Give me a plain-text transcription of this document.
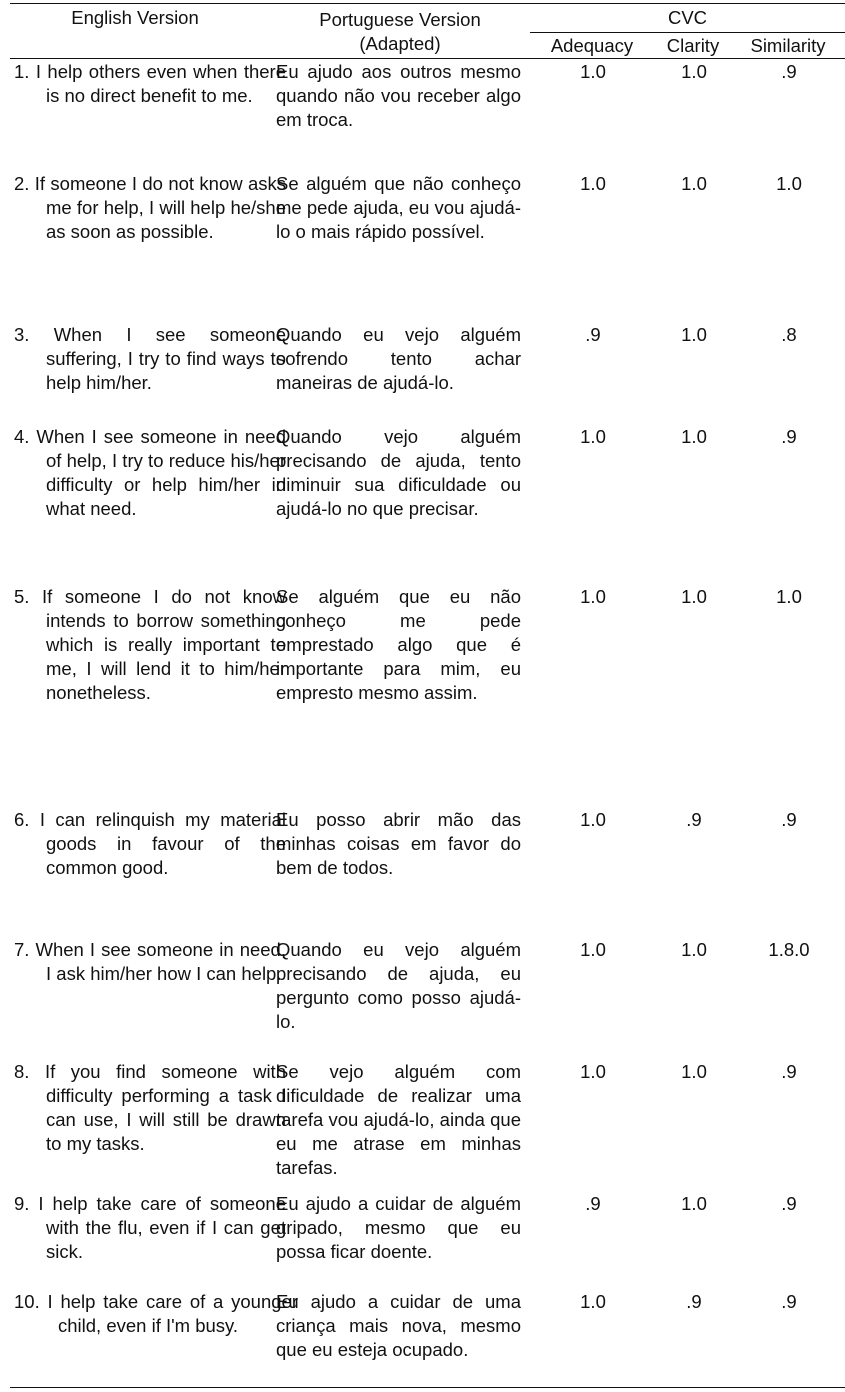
English Version	Portuguese Version
(Adapted)
CVC
Adequacy	Clarity	Similarity
1. I help others even when there is no direct benefit to me.
Eu ajudo aos outros mesmo quando não vou receber algo em troca.
1.0	1.0	.9
2. If someone I do not know asks me for help, I will help he/she as soon as possible.
Se alguém que não conheço me pede ajuda, eu vou ajudá-lo o mais rápido possível.
1.0	1.0	1.0
3. When I see someone suffering, I try to find ways to help him/her.
Quando eu vejo alguém sofrendo tento achar maneiras de ajudá-lo.
.9	1.0	.8
4. When I see someone in need of help, I try to reduce his/her difficulty or help him/her in what need.
Quando vejo alguém precisando de ajuda, tento diminuir sua dificuldade ou ajudá-lo no que precisar.
1.0	1.0	.9
5. If someone I do not know intends to borrow something which is really important to me, I will lend it to him/her nonetheless.
Se alguém que eu não conheço me pede emprestado algo que é importante para mim, eu empresto mesmo assim.
1.0	1.0	1.0
6. I can relinquish my material goods in favour of the common good.
Eu posso abrir mão das minhas coisas em favor do bem de todos.
1.0	.9	.9
7. When I see someone in need, I ask him/her how I can help.
Quando eu vejo alguém precisando de ajuda, eu pergunto como posso ajudá-lo.
1.0	1.0	1.8.0
8. If you find someone with difficulty performing a task I can use, I will still be drawn to my tasks.
Se vejo alguém com dificuldade de realizar uma tarefa vou ajudá-lo, ainda que eu me atrase em minhas tarefas.
1.0	1.0	.9
9. I help take care of someone with the flu, even if I can get sick.
Eu ajudo a cuidar de alguém gripado, mesmo que eu possa ficar doente.
.9	1.0	.9
10. I help take care of a younger child, even if I'm busy.
Eu ajudo a cuidar de uma criança mais nova, mesmo que eu esteja ocupado.
1.0	.9	.9
